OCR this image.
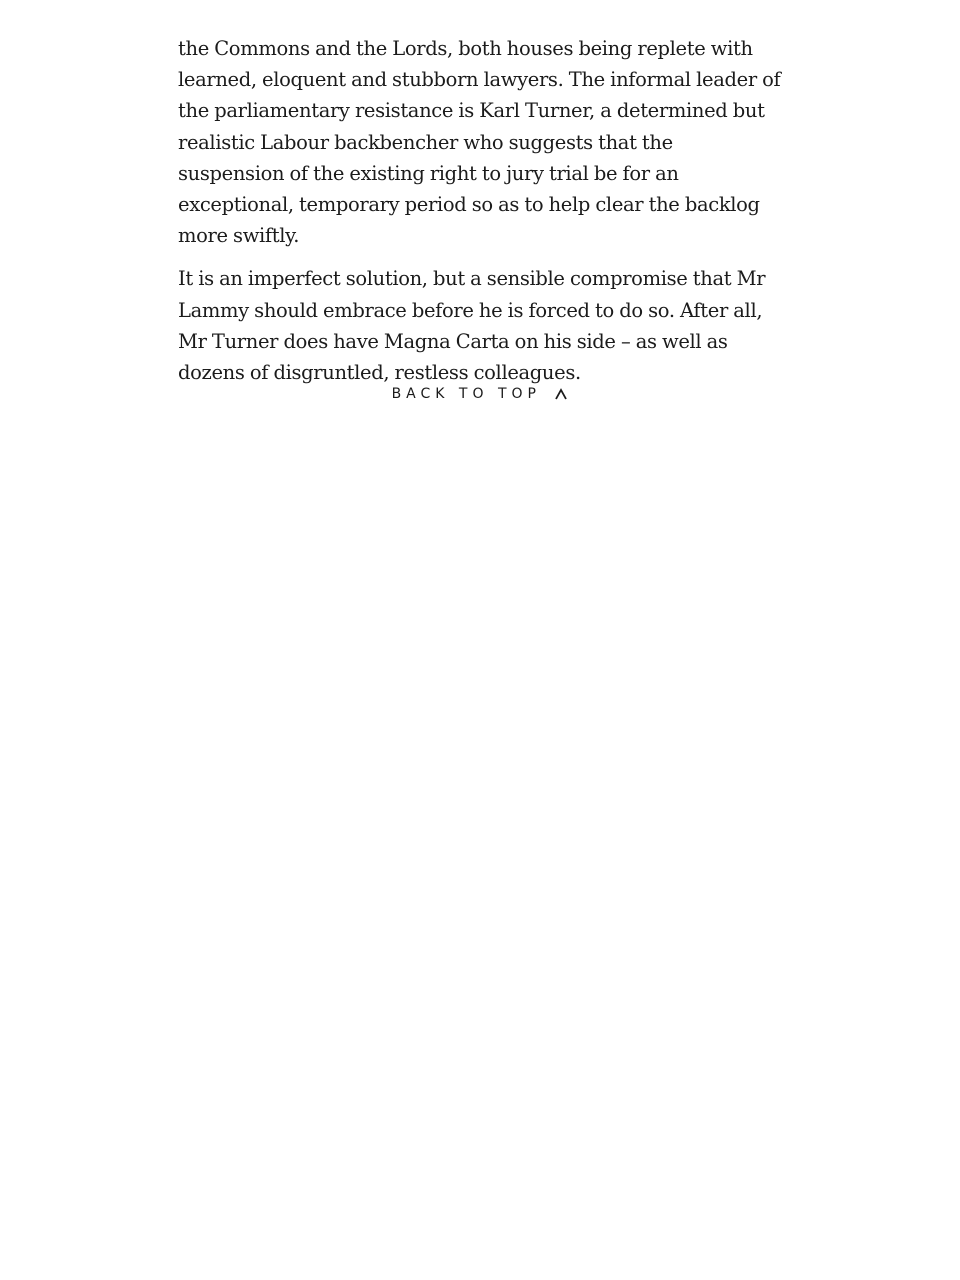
the Commons and the Lords, both houses being replete with learned, eloquent and stubborn lawyers. The informal leader of the parliamentary resistance is Karl Turner, a determined but realistic Labour backbencher who suggests that the suspension of the existing right to jury trial be for an exceptional, temporary period so as to help clear the backlog more swiftly.

It is an imperfect solution, but a sensible compromise that Mr Lammy should embrace before he is forced to do so. After all, Mr Turner does have Magna Carta on his side – as well as dozens of disgruntled, restless colleagues.

BACK TO TOP
